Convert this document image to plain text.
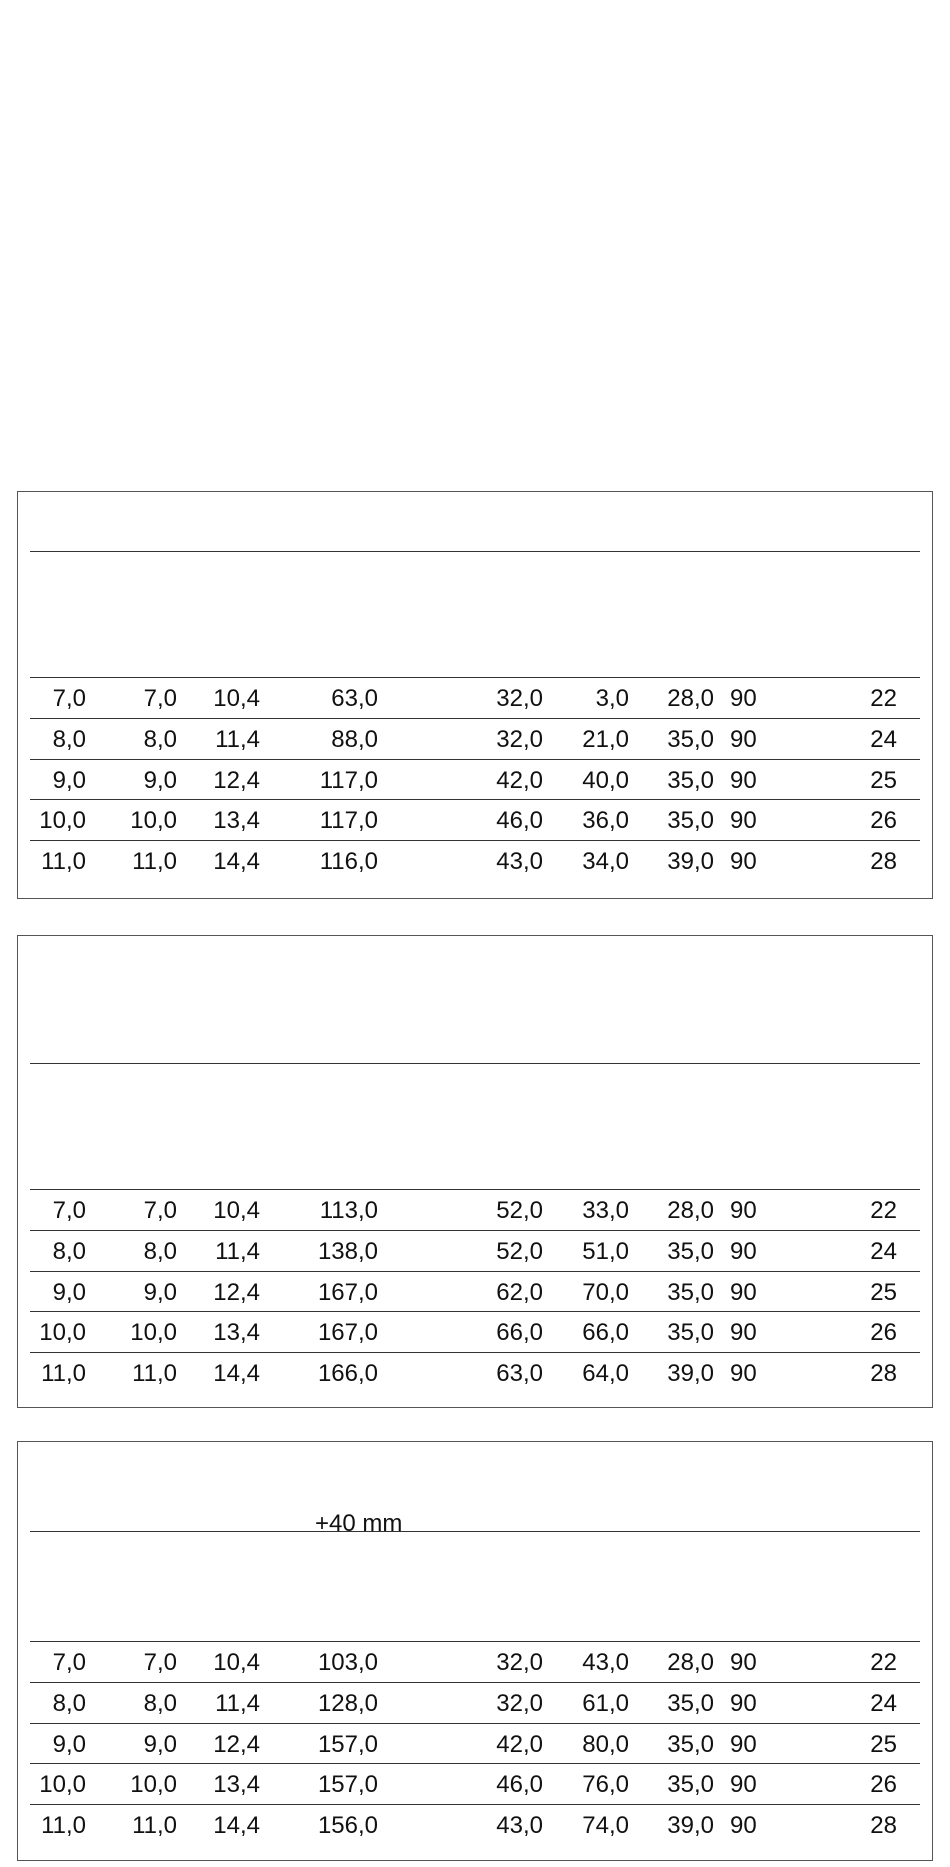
7,0	7,0	10,4	63,0	32,0	3,0	28,0 90	22
8,0	8,0	11,4	88,0	32,0	21,0	35,0 90	24
9,0	9,0	12,4	117,0	42,0	40,0	35,0 90	25
10,0	10,0	13,4	117,0	46,0	36,0	35,0 90	26
11,0	11,0	14,4	116,0	43,0	34,0	39,0 90	28
7,0	7,0	10,4	113,0	52,0	33,0	28,0 90	22
8,0	8,0	11,4	138,0	52,0	51,0	35,0 90	24
9,0	9,0	12,4	167,0	62,0	70,0	35,0 90	25
10,0	10,0	13,4	167,0	66,0	66,0	35,0 90	26
11,0	11,0	14,4	166,0	63,0	64,0	39,0 90	28
+40 mm
7,0	7,0	10,4	103,0	32,0	43,0	28,0 90	22
8,0	8,0	11,4	128,0	32,0	61,0	35,0 90	24
9,0	9,0	12,4	157,0	42,0	80,0	35,0 90	25
10,0	10,0	13,4	157,0	46,0	76,0	35,0 90	26
11,0	11,0	14,4	156,0	43,0	74,0	39,0 90	28
